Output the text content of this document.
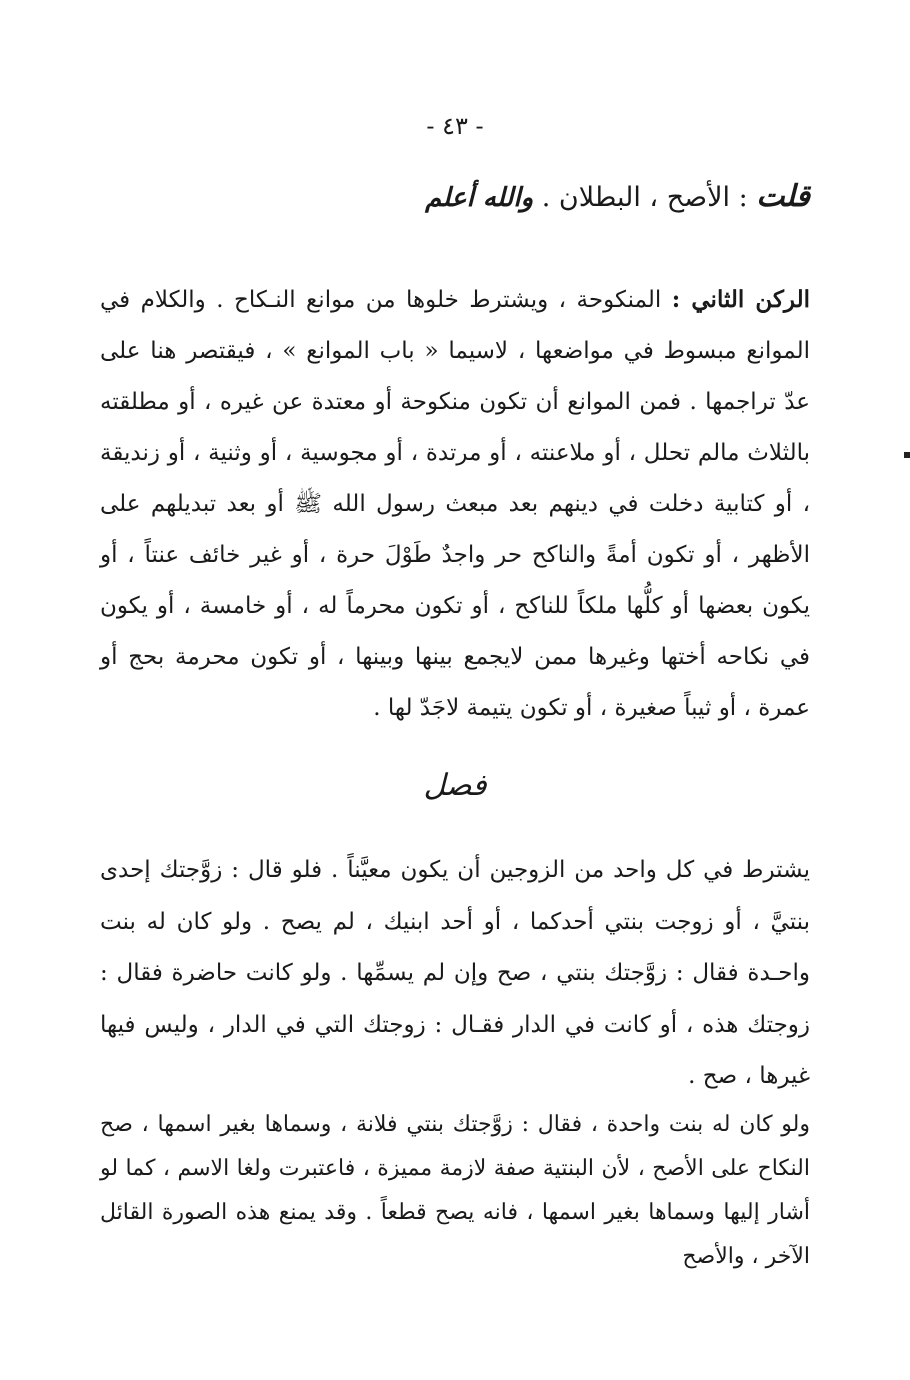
- ٤٣ -
قلت : الأصح ، البطلان . والله أعلم
الركن الثاني : المنكوحة ، ويشترط خلوها من موانع النـكاح . والكلام في الموانع مبسوط في مواضعها ، لاسيما « باب الموانع » ، فيقتصر هنا على عدّ تراجمها . فمن الموانع أن تكون منكوحة أو معتدة عن غيره ، أو مطلقته بالثلاث مالم تحلل ، أو ملاعنته ، أو مرتدة ، أو مجوسية ، أو وثنية ، أو زنديقة ، أو كتابية دخلت في دينهم بعد مبعث رسول الله ﷺ أو بعد تبديلهم على الأظهر ، أو تكون أمةً والناكح حر واجدٌ طَوْلَ حرة ، أو غير خائف عنتاً ، أو يكون بعضها أو كلُّها ملكاً للناكح ، أو تكون محرماً له ، أو خامسة ، أو يكون في نكاحه أختها وغيرها ممن لايجمع بينها وبينها ، أو تكون محرمة بحج أو عمرة ، أو ثيباً صغيرة ، أو تكون يتيمة لاجَدّ لها .
يشترط في كل واحد من الزوجين أن يكون معيَّناً . فلو قال : زوَّجتك إحدى بنتيَّ ، أو زوجت بنتي أحدكما ، أو أحد ابنيك ، لم يصح . ولو كان له بنت واحـدة فقال : زوَّجتك بنتي ، صح وإن لم يسمِّها . ولو كانت حاضرة فقال : زوجتك هذه ، أو كانت في الدار فقـال : زوجتك التي في الدار ، وليس فيها غيرها ، صح .
ولو كان له بنت واحدة ، فقال : زوَّجتك بنتي فلانة ، وسماها بغير اسمها ، صح النكاح على الأصح ، لأن البنتية صفة لازمة مميزة ، فاعتبرت ولغا الاسم ، كما لو أشار إليها وسماها بغير اسمها ، فانه يصح قطعاً . وقد يمنع هذه الصورة القائل الآخر ، والأصح
فصل
